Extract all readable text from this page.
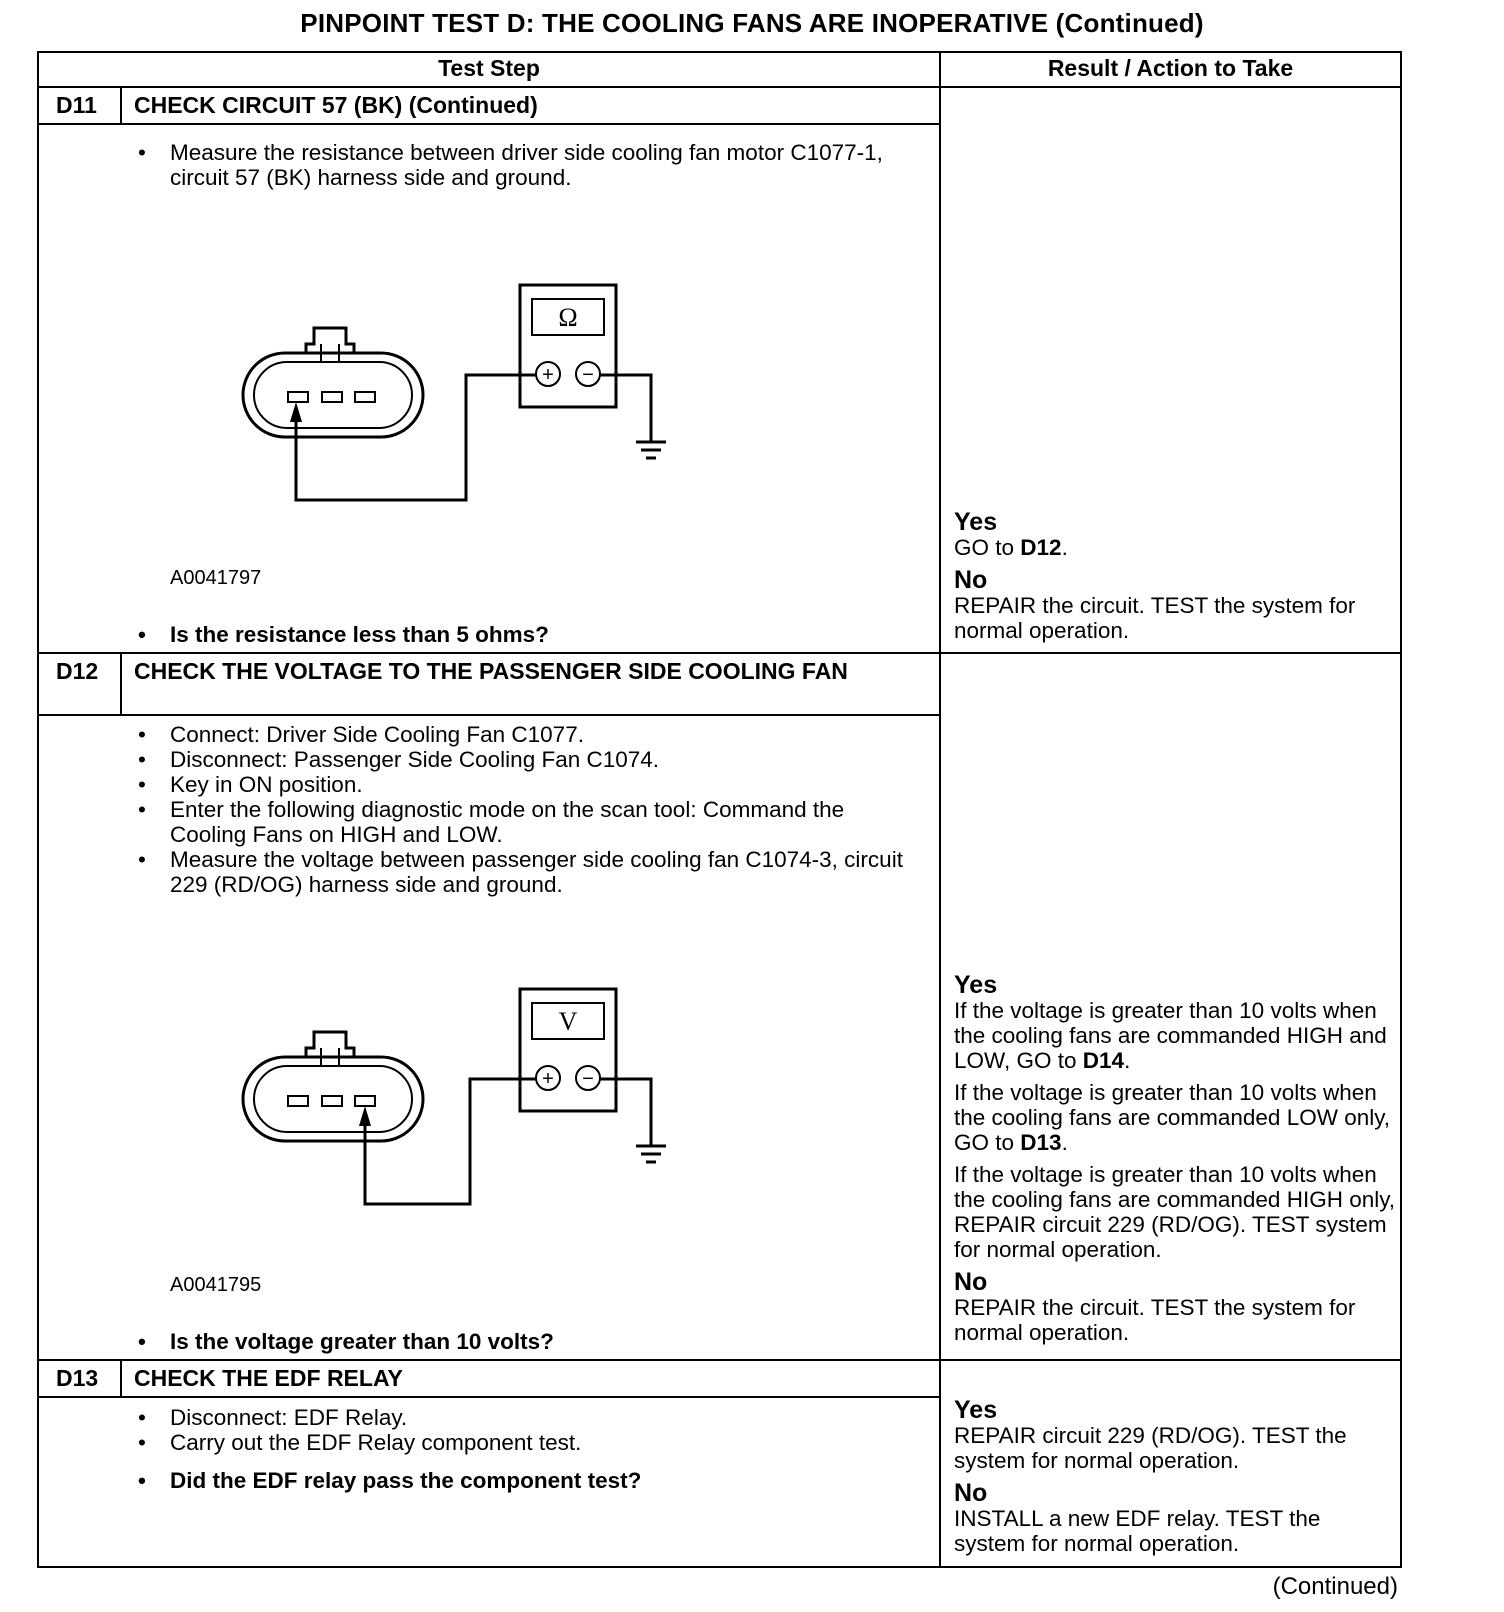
PINPOINT TEST D: THE COOLING FANS ARE INOPERATIVE (Continued)
Test Step	Result / Action to Take
D11 CHECK CIRCUIT 57 (BK) (Continued)
• Measure the resistance between driver side cooling fan motor C1077-1, circuit 57 (BK) harness side and ground.
Ω
+ −
A0041797
• Is the resistance less than 5 ohms?
Yes

GO to D12.

No

REPAIR the circuit. TEST the system for normal operation.

D12 CHECK THE VOLTAGE TO THE PASSENGER SIDE COOLING FAN
• Connect: Driver Side Cooling Fan C1077.
• Disconnect: Passenger Side Cooling Fan C1074.
• Key in ON position.
• Enter the following diagnostic mode on the scan tool: Command the Cooling Fans on HIGH and LOW.
• Measure the voltage between passenger side cooling fan C1074-3, circuit 229 (RD/OG) harness side and ground.
V
+ −
A0041795
• Is the voltage greater than 10 volts?
Yes

If the voltage is greater than 10 volts when the cooling fans are commanded HIGH and LOW, GO to D14.

If the voltage is greater than 10 volts when the cooling fans are commanded LOW only, GO to D13.

If the voltage is greater than 10 volts when the cooling fans are commanded HIGH only, REPAIR circuit 229 (RD/OG). TEST system for normal operation.

No

REPAIR the circuit. TEST the system for normal operation.

D13 CHECK THE EDF RELAY
• Disconnect: EDF Relay.
• Carry out the EDF Relay component test.
• Did the EDF relay pass the component test?
Yes

REPAIR circuit 229 (RD/OG). TEST the system for normal operation.

No

INSTALL a new EDF relay. TEST the system for normal operation.

(Continued)
